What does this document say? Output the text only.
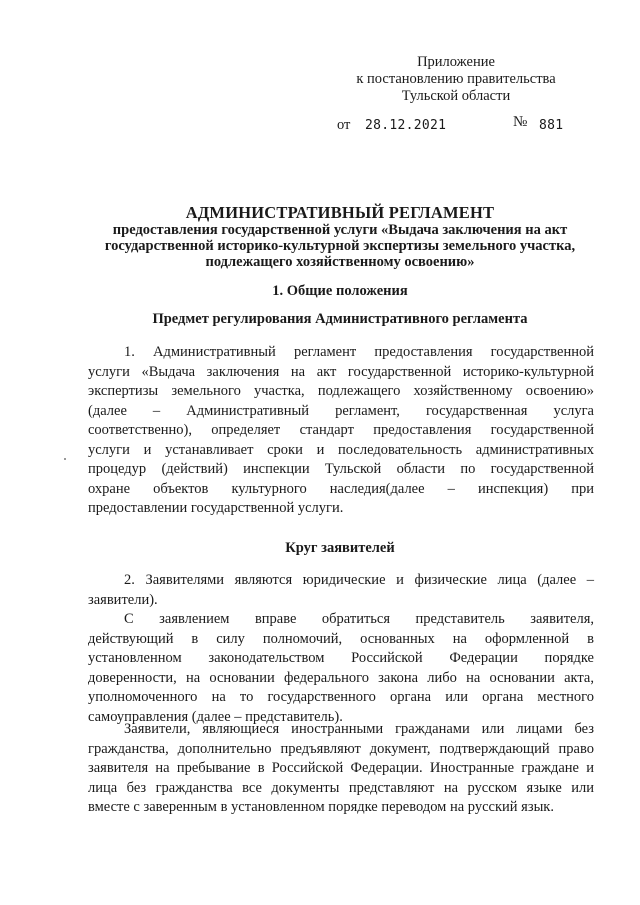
Приложение
к постановлению правительства
Тульской области
от 28.12.2021	№ 881
АДМИНИСТРАТИВНЫЙ РЕГЛАМЕНТ
предоставления государственной услуги «Выдача заключения на акт
государственной историко-культурной экспертизы земельного участка,
подлежащего хозяйственному освоению»
1. Общие положения
Предмет регулирования Административного регламента
1. Административный регламент предоставления государственной
услуги «Выдача заключения на акт государственной историко-культурной
экспертизы земельного участка, подлежащего хозяйственному освоению»
(далее – Административный регламент, государственная услуга
соответственно), определяет стандарт предоставления государственной
услуги и устанавливает сроки и последовательность административных
процедур (действий) инспекции Тульской области по государственной
охране объектов культурного наследия(далее – инспекция) при
предоставлении государственной услуги.
Круг заявителей
2. Заявителями являются юридические и физические лица (далее –
заявители).
С заявлением вправе обратиться представитель заявителя,
действующий в силу полномочий, основанных на оформленной в
установленном законодательством Российской Федерации порядке
доверенности, на основании федерального закона либо на основании акта,
уполномоченного на то государственного органа или органа местного
самоуправления (далее – представитель).
Заявители, являющиеся иностранными гражданами или лицами без
гражданства, дополнительно предъявляют документ, подтверждающий право
заявителя на пребывание в Российской Федерации. Иностранные граждане и
лица без гражданства все документы представляют на русском языке или
вместе с заверенным в установленном порядке переводом на русский язык.
